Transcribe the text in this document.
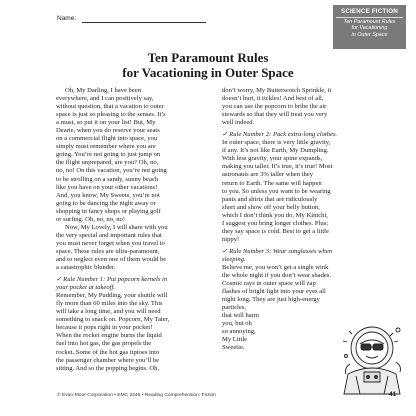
Name:
SCIENCE FICTION
Ten Paramount Rules
for Vacationing
in Outer Space
Ten Paramount Rules
for Vacationing in Outer Space
Oh, My Darling, I have been
everywhere, and I can positively say,
without question, that a vacation to outer
space is just so pleasing to the senses. It’s
a must, so put it on your list! But, My
Dearie, when you do reserve your seats
on a commercial flight into space, you
simply must remember where you are
going. You’re not going to just jump on
the flight unprepared, are you? Oh, no,
no, no! On this vacation, you’re not going
to be strolling on a sandy, sunny beach
like you have on your other vacations!
And, you know, My Sweets, you’re not
going to be dancing the night away or
shopping in fancy shops or playing golf
or surfing. Oh, no, no, no!
Now, My Lovely, I will share with you
the very special and important rules that
you must never forget when you travel to
space. These rules are ultra-paramount,
and to neglect even one of them would be
a catastrophic blunder.
✓ Rule Number 1: Put popcorn kernels in
your pocket at takeoff.
Remember, My Pudding, your shuttle will
fly more than 60 miles into the sky. This
will take a long time, and you will need
something to snack on. Popcorn, My Tater,
because it pops right in your pocket!
When the rocket engine burns the liquid
fuel into hot gas, the gas propels the
rocket. Some of the hot gas tiptoes into
the passenger chamber where you’ll be
sitting. And so the popping begins. Oh,
don’t worry, My Butterscotch Sprinkle, it
doesn’t hurt, it tickles! And best of all,
you can use the popcorn to bribe the air
stewards so that they will treat you very
well indeed.
✓ Rule Number 2: Pack extra-long clothes.
In outer space, there is very little gravity,
if any. It’s not like Earth, My Dumpling.
With less gravity, your spine expands,
making you taller. It’s true, it’s true! Most
astronauts are 3% taller when they
return to Earth. The same will happen
to you. So unless you want to be wearing
pants and shirts that are ridiculously
short and show off your belly button,
which I don’t think you do, My Kimchi,
I suggest you bring longer clothes. Plus;
they say space is cold. Best to get a little
nippy!
✓ Rule Number 3: Wear sunglasses when
sleeping.
Believe me, you won’t get a single wink
the whole night if you don’t wear shades.
Cosmic rays in outer space will zap
flashes of bright light into your eyes all
night long. They are just high-energy
particles,
that will harm
you, but oh
so annoying,
My Little
Sweetie.
© Evan-Moor Corporation • EMC 2445 • Reading Comprehension: Fiction	41
